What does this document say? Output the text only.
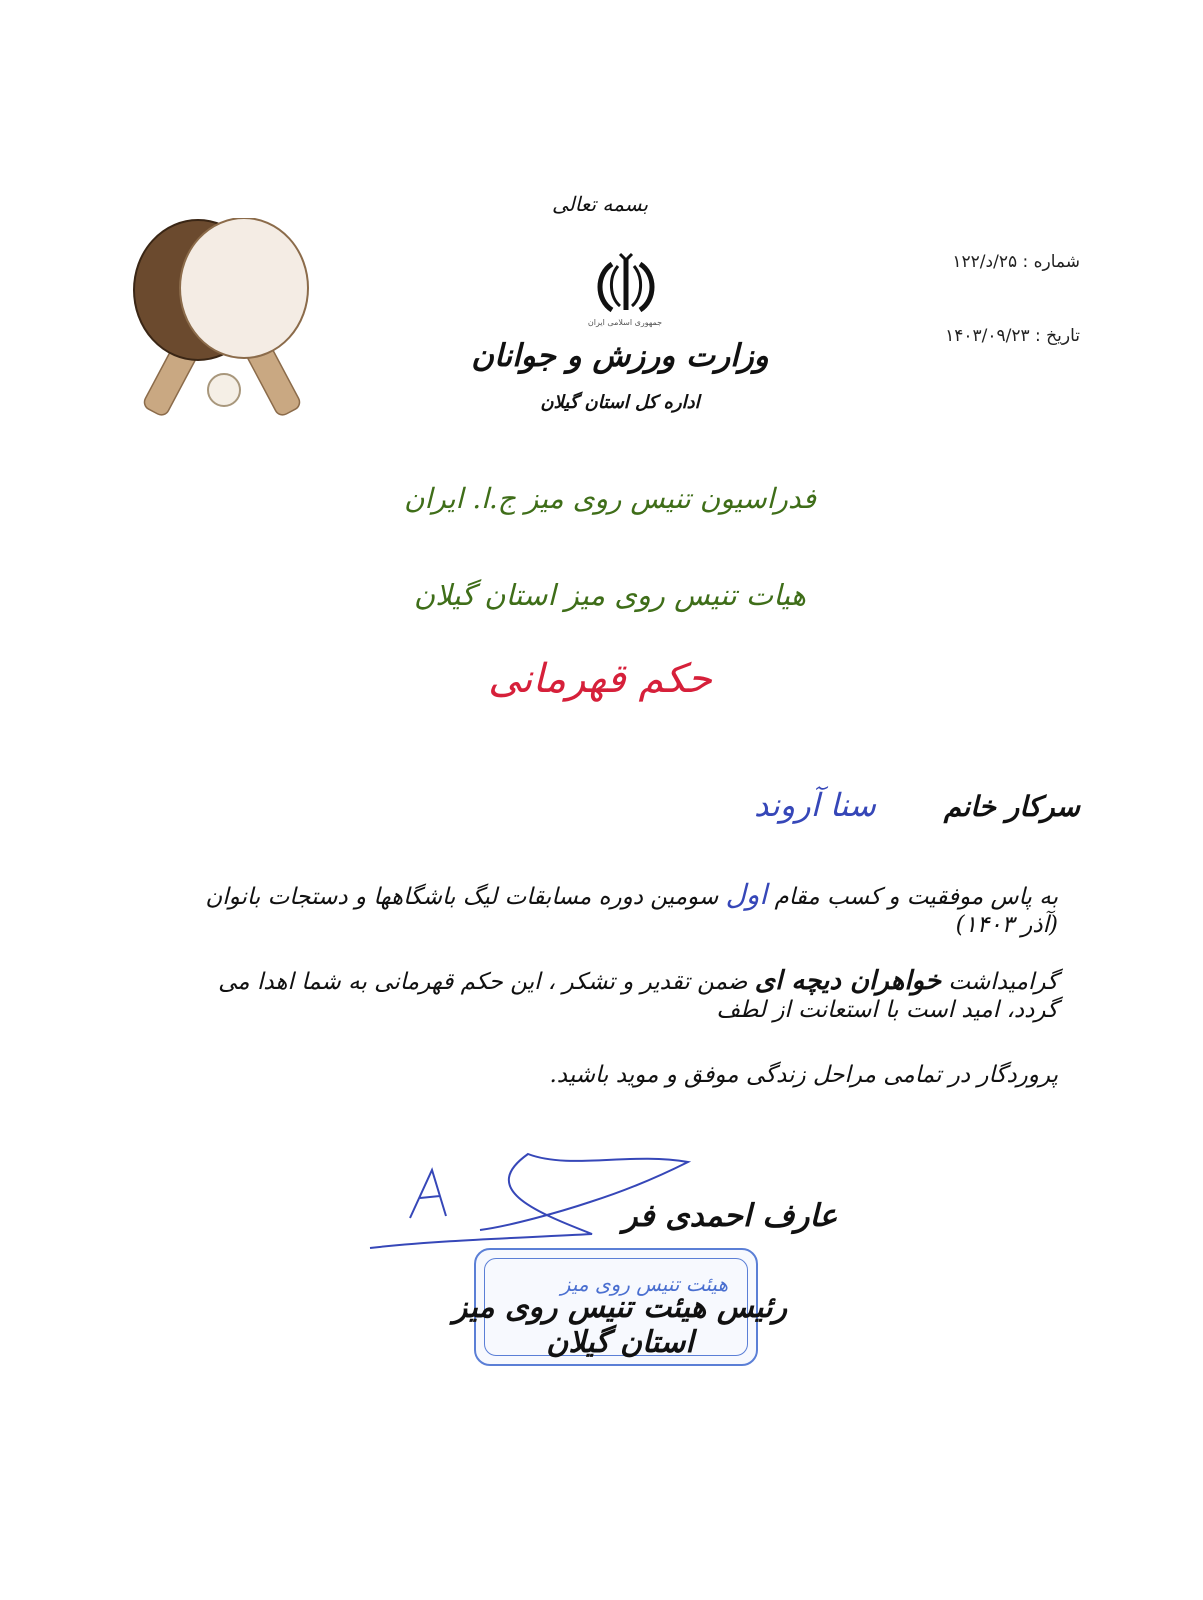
بسمه تعالی
جمهوری اسلامی ایران
وزارت ورزش و جوانان
اداره کل استان گیلان
شماره : ۲۵/د/۱۲۲
تاریخ : ۱۴۰۳/۰۹/۲۳
فدراسیون تنیس روی میز ج.ا. ایران
هیات تنیس روی میز استان گیلان
حکم قهرمانی
سرکار خانم
سنا آروند
به پاس موفقیت و کسب مقام اول سومین دوره مسابقات لیگ باشگاهها و دستجات بانوان (آذر ۱۴۰۳)
گرامیداشت خواهران دیچه ای ضمن تقدیر و تشکر ، این حکم قهرمانی به شما اهدا می گردد، امید است با استعانت از لطف
پروردگار در تمامی مراحل زندگی موفق و موید باشید.
هیئت تنیس روی میز
عارف احمدی فر
رئیس هیئت تنیس روی میز استان گیلان
